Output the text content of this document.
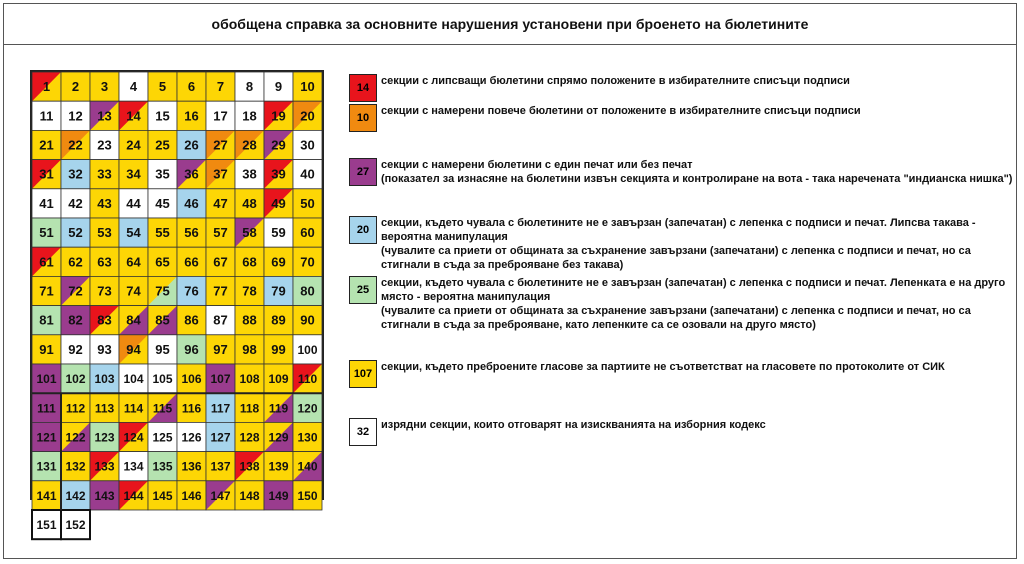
обобщена справка за основните нарушения установени при броенето на бюлетините
1 2 3 4 5 6 7 8 9 10
11 12 13 14 15 16 17 18 19 20
21 22 23 24 25 26 27 28 29 30
31 32 33 34 35 36 37 38 39 40
41 42 43 44 45 46 47 48 49 50
51 52 53 54 55 56 57 58 59 60
61 62 63 64 65 66 67 68 69 70
71 72 73 74 75 76 77 78 79 80
81 82 83 84 85 86 87 88 89 90
91 92 93 94 95 96 97 98 99 100
101 102 103 104 105 106 107 108 109 110
111 112 113 114 115 116 117 118 119 120
121 122 123 124 125 126 127 128 129 130
131 132 133 134 135 136 137 138 139 140
141 142 143 144 145 146 147 148 149 150
151 152
14
секции с липсващи бюлетини спрямо положените в избирателните списъци подписи
10
секции с намерени повече бюлетини от положените в избирателните списъци подписи
27
секции с намерени бюлетини с един печат или без печат
(показател за изнасяне на бюлетини извън секцията и контролиране на вота - така наречената "индианска нишка")
20
секции, където чувала с бюлетините не е завързан (запечатан) с лепенка с подписи и печат. Липсва такава -
вероятна манипулация
(чувалите са приети от общината за съхранение завързани (запечатани) с лепенка с подписи и печат, но са
стигнали в съда за преброяване без такава)
25
секции, където чувала с бюлетините не е завързан (запечатан) с лепенка с подписи и печат. Лепенката е на друго
място - вероятна манипулация
(чувалите са приети от общината за съхранение завързани (запечатани) с лепенка с подписи и печат, но са
стигнали в съда за преброяване, като лепенките са се озовали на друго място)
107
секции, където преброените гласове за партиите не съответстват на гласовете по протоколите от СИК
32
изрядни секции, които отговарят на изискванията на изборния кодекс
